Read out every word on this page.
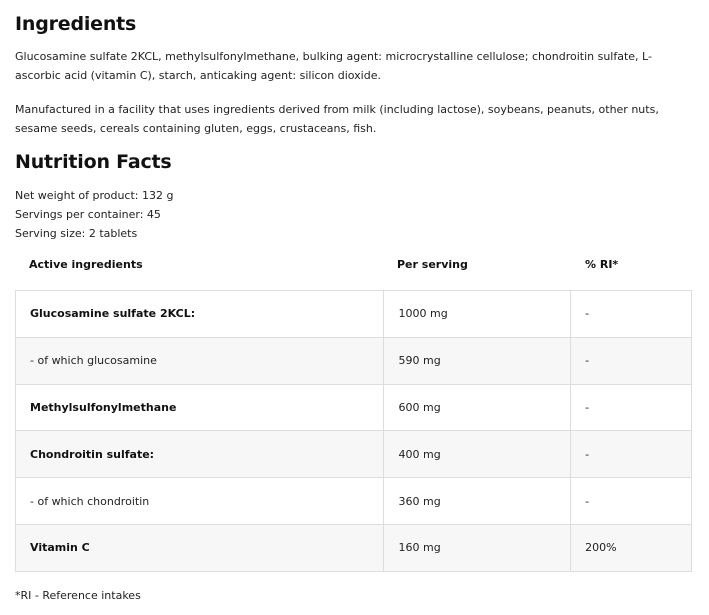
Ingredients

Glucosamine sulfate 2KCL, methylsulfonylmethane, bulking agent: microcrystalline cellulose; chondroitin sulfate, L-ascorbic acid (vitamin C), starch, anticaking agent: silicon dioxide.

Manufactured in a facility that uses ingredients derived from milk (including lactose), soybeans, peanuts, other nuts, sesame seeds, cereals containing gluten, eggs, crustaceans, fish.

Nutrition Facts
Net weight of product: 132 g
Servings per container: 45
Serving size: 2 tablets
Active ingredients	Per serving	% RI*
Glucosamine sulfate 2KCL:	1000 mg	-
- of which glucosamine	590 mg	-
Methylsulfonylmethane	600 mg	-
Chondroitin sulfate:	400 mg	-
- of which chondroitin	360 mg	-
Vitamin C	160 mg	200%
*RI - Reference intakes
